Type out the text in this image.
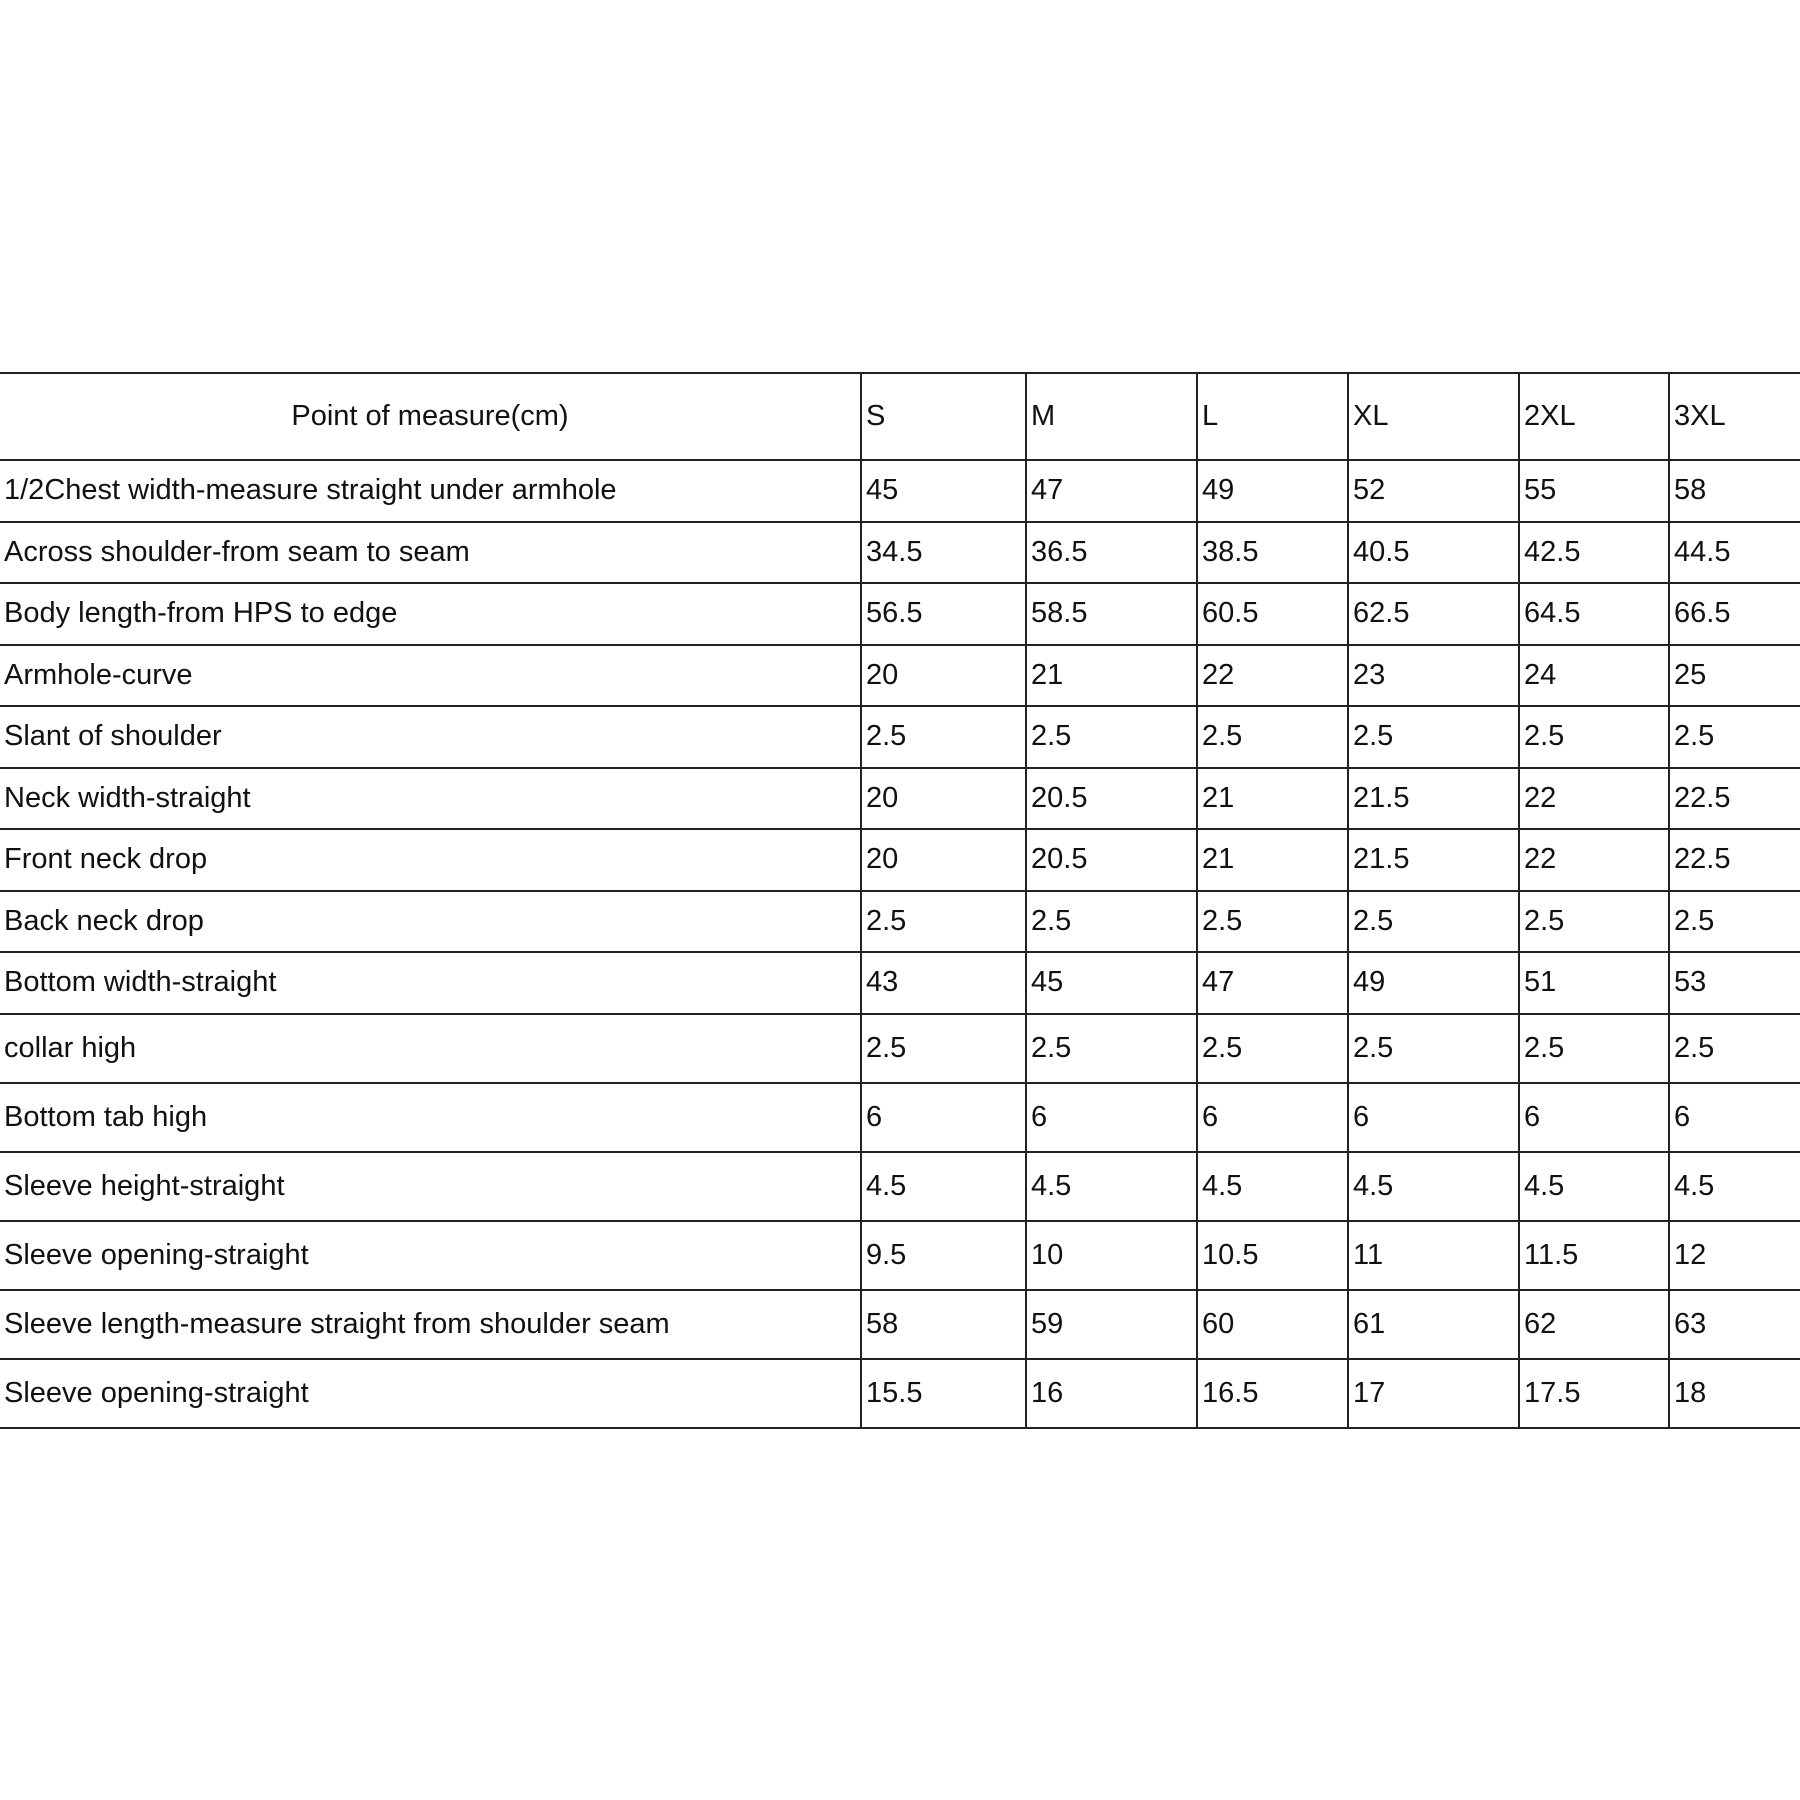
Point of measure(cm)	S	M	L	XL	2XL	3XL
1/2Chest width-measure straight under armhole	45	47	49	52	55	58
Across shoulder-from seam to seam	34.5	36.5	38.5	40.5	42.5	44.5
Body length-from HPS to edge	56.5	58.5	60.5	62.5	64.5	66.5
Armhole-curve	20	21	22	23	24	25
Slant of shoulder	2.5	2.5	2.5	2.5	2.5	2.5
Neck width-straight	20	20.5	21	21.5	22	22.5
Front neck drop	20	20.5	21	21.5	22	22.5
Back neck drop	2.5	2.5	2.5	2.5	2.5	2.5
Bottom width-straight	43	45	47	49	51	53
collar high	2.5	2.5	2.5	2.5	2.5	2.5
Bottom tab high	6	6	6	6	6	6
Sleeve height-straight	4.5	4.5	4.5	4.5	4.5	4.5
Sleeve opening-straight	9.5	10	10.5	11	11.5	12
Sleeve length-measure straight from shoulder seam	58	59	60	61	62	63
Sleeve opening-straight	15.5	16	16.5	17	17.5	18
